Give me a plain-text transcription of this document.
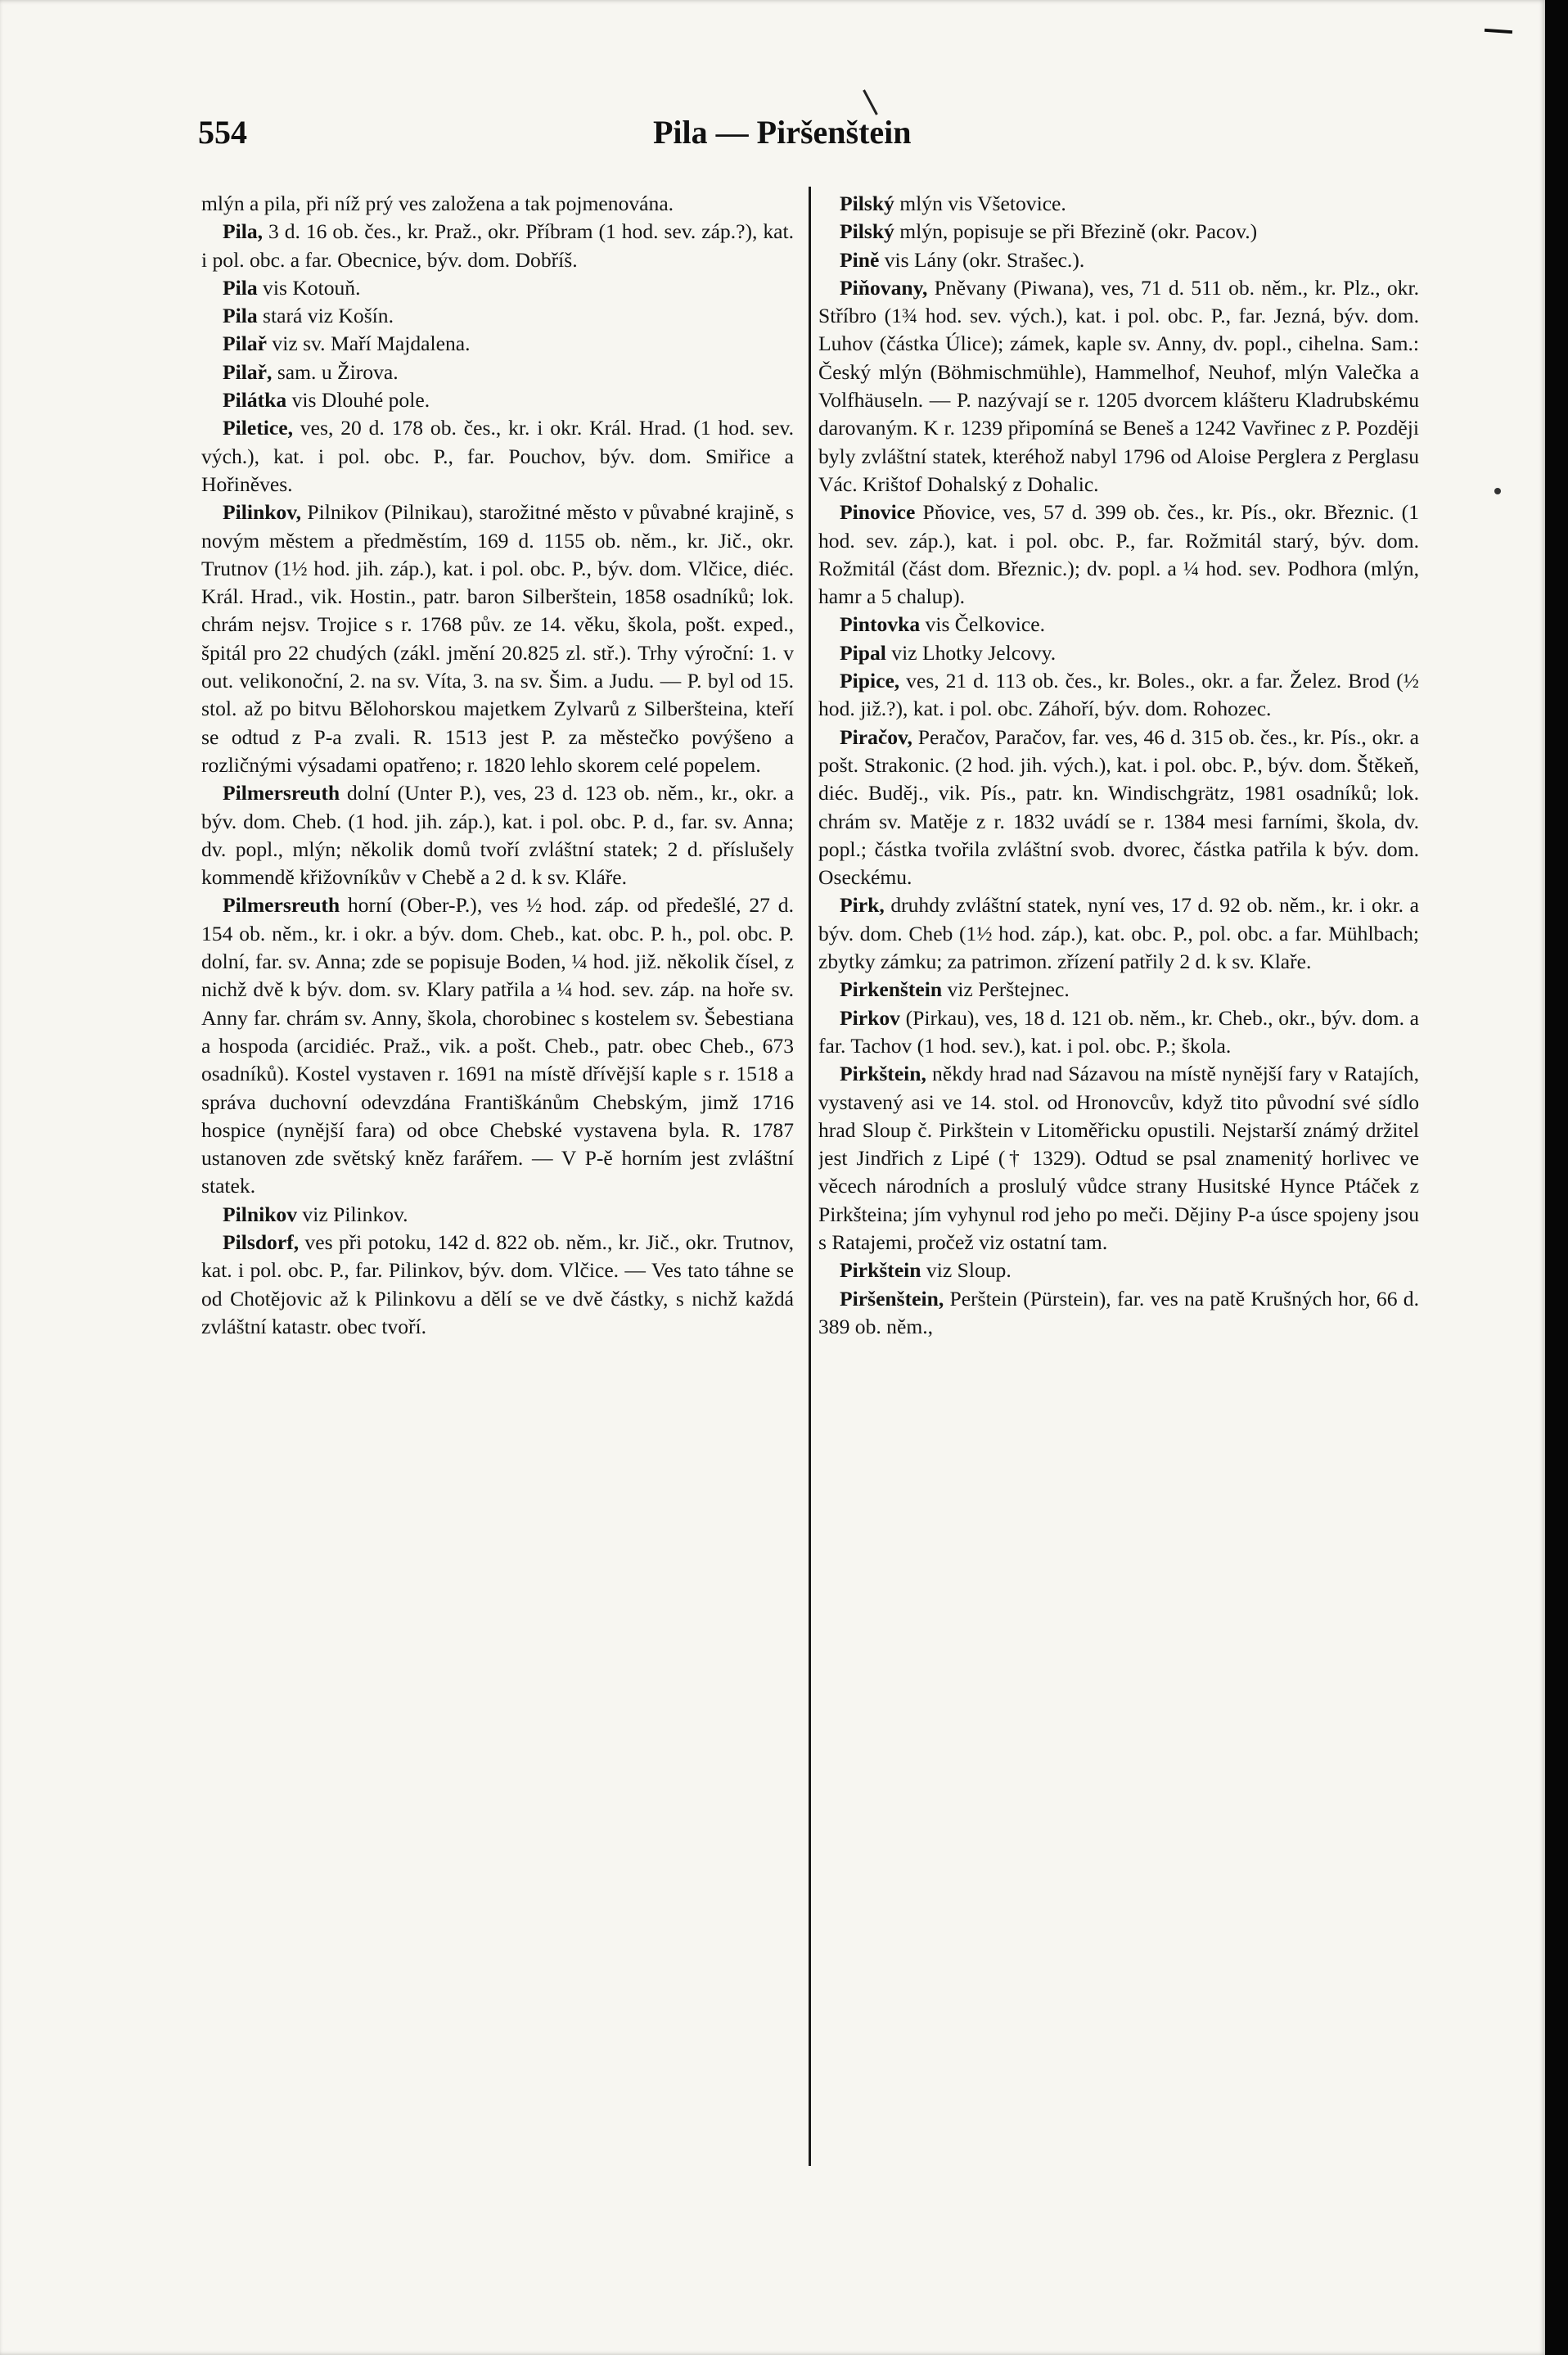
554	Pila — Piršenštein

mlýn a pila, při níž prý ves založena a tak pojmenována.

Pila, 3 d. 16 ob. čes., kr. Praž., okr. Příbram (1 hod. sev. záp.?), kat. i pol. obc. a far. Obecnice, býv. dom. Dobříš.

Pila vis Kotouň.

Pila stará viz Košín.

Pilař viz sv. Maří Majdalena.

Pilař, sam. u Žirova.

Pilátka vis Dlouhé pole.

Piletice, ves, 20 d. 178 ob. čes., kr. i okr. Král. Hrad. (1 hod. sev. vých.), kat. i pol. obc. P., far. Pouchov, býv. dom. Smiřice a Hořiněves.

Pilinkov, Pilnikov (Pilnikau), starožitné město v půvabné krajině, s novým městem a předměstím, 169 d. 1155 ob. něm., kr. Jič., okr. Trutnov (1½ hod. jih. záp.), kat. i pol. obc. P., býv. dom. Vlčice, diéc. Král. Hrad., vik. Hostin., patr. baron Silberštein, 1858 osadníků; lok. chrám nejsv. Trojice s r. 1768 pův. ze 14. věku, škola, pošt. exped., špitál pro 22 chudých (zákl. jmění 20.825 zl. stř.). Trhy výroční: 1. v out. velikonoční, 2. na sv. Víta, 3. na sv. Šim. a Judu. — P. byl od 15. stol. až po bitvu Bělohorskou majetkem Zylvarů z Silberšteina, kteří se odtud z P-a zvali. R. 1513 jest P. za městečko povýšeno a rozličnými výsadami opatřeno; r. 1820 lehlo skorem celé popelem.

Pilmersreuth dolní (Unter P.), ves, 23 d. 123 ob. něm., kr., okr. a býv. dom. Cheb. (1 hod. jih. záp.), kat. i pol. obc. P. d., far. sv. Anna; dv. popl., mlýn; několik domů tvoří zvláštní statek; 2 d. příslušely kommendě křižovníkův v Chebě a 2 d. k sv. Kláře.

Pilmersreuth horní (Ober-P.), ves ½ hod. záp. od předešlé, 27 d. 154 ob. něm., kr. i okr. a býv. dom. Cheb., kat. obc. P. h., pol. obc. P. dolní, far. sv. Anna; zde se popisuje Boden, ¼ hod. již. několik čísel, z nichž dvě k býv. dom. sv. Klary patřila a ¼ hod. sev. záp. na hoře sv. Anny far. chrám sv. Anny, škola, chorobinec s kostelem sv. Šebestiana a hospoda (arcidiéc. Praž., vik. a pošt. Cheb., patr. obec Cheb., 673 osadníků). Kostel vystaven r. 1691 na místě dřívější kaple s r. 1518 a správa duchovní odevzdána Františkánům Chebským, jimž 1716 hospice (nynější fara) od obce Chebské vystavena byla. R. 1787 ustanoven zde světský kněz farářem. — V P-ě horním jest zvláštní statek.

Pilnikov viz Pilinkov.

Pilsdorf, ves při potoku, 142 d. 822 ob. něm., kr. Jič., okr. Trutnov, kat. i pol. obc. P., far. Pilinkov, býv. dom. Vlčice. — Ves tato táhne se od Chotějovic až k Pilinkovu a dělí se ve dvě částky, s nichž každá zvláštní katastr. obec tvoří.

Pilský mlýn vis Všetovice.

Pilský mlýn, popisuje se při Březině (okr. Pacov.)

Pině vis Lány (okr. Strašec.).

Piňovany, Pněvany (Piwana), ves, 71 d. 511 ob. něm., kr. Plz., okr. Stříbro (1¾ hod. sev. vých.), kat. i pol. obc. P., far. Jezná, býv. dom. Luhov (částka Úlice); zámek, kaple sv. Anny, dv. popl., cihelna. Sam.: Český mlýn (Böhmischmühle), Hammelhof, Neuhof, mlýn Valečka a Volfhäuseln. — P. nazývají se r. 1205 dvorcem klášteru Kladrubskému darovaným. K r. 1239 připomíná se Beneš a 1242 Vavřinec z P. Později byly zvláštní statek, kteréhož nabyl 1796 od Aloise Perglera z Perglasu Vác. Krištof Dohalský z Dohalic.

Pinovice Pňovice, ves, 57 d. 399 ob. čes., kr. Pís., okr. Březnic. (1 hod. sev. záp.), kat. i pol. obc. P., far. Rožmitál starý, býv. dom. Rožmitál (část dom. Březnic.); dv. popl. a ¼ hod. sev. Podhora (mlýn, hamr a 5 chalup).

Pintovka vis Čelkovice.

Pipal viz Lhotky Jelcovy.

Pipice, ves, 21 d. 113 ob. čes., kr. Boles., okr. a far. Želez. Brod (½ hod. již.?), kat. i pol. obc. Záhoří, býv. dom. Rohozec.

Piračov, Peračov, Paračov, far. ves, 46 d. 315 ob. čes., kr. Pís., okr. a pošt. Strakonic. (2 hod. jih. vých.), kat. i pol. obc. P., býv. dom. Štěkeň, diéc. Buděj., vik. Pís., patr. kn. Windischgrätz, 1981 osadníků; lok. chrám sv. Matěje z r. 1832 uvádí se r. 1384 mesi farními, škola, dv. popl.; částka tvořila zvláštní svob. dvorec, částka patřila k býv. dom. Oseckému.

Pirk, druhdy zvláštní statek, nyní ves, 17 d. 92 ob. něm., kr. i okr. a býv. dom. Cheb (1½ hod. záp.), kat. obc. P., pol. obc. a far. Mühlbach; zbytky zámku; za patrimon. zřízení patřily 2 d. k sv. Klaře.

Pirkenštein viz Perštejnec.

Pirkov (Pirkau), ves, 18 d. 121 ob. něm., kr. Cheb., okr., býv. dom. a far. Tachov (1 hod. sev.), kat. i pol. obc. P.; škola.

Pirkštein, někdy hrad nad Sázavou na místě nynější fary v Ratajích, vystavený asi ve 14. stol. od Hronovcův, když tito původní své sídlo hrad Sloup č. Pirkštein v Litoměřicku opustili. Nejstarší známý držitel jest Jindřich z Lipé († 1329). Odtud se psal znamenitý horlivec ve věcech národních a proslulý vůdce strany Husitské Hynce Ptáček z Pirkšteina; jím vyhynul rod jeho po meči. Dějiny P-a úsce spojeny jsou s Ratajemi, pročež viz ostatní tam.

Pirkštein viz Sloup.

Piršenštein, Perštein (Pürstein), far. ves na patě Krušných hor, 66 d. 389 ob. něm.,
